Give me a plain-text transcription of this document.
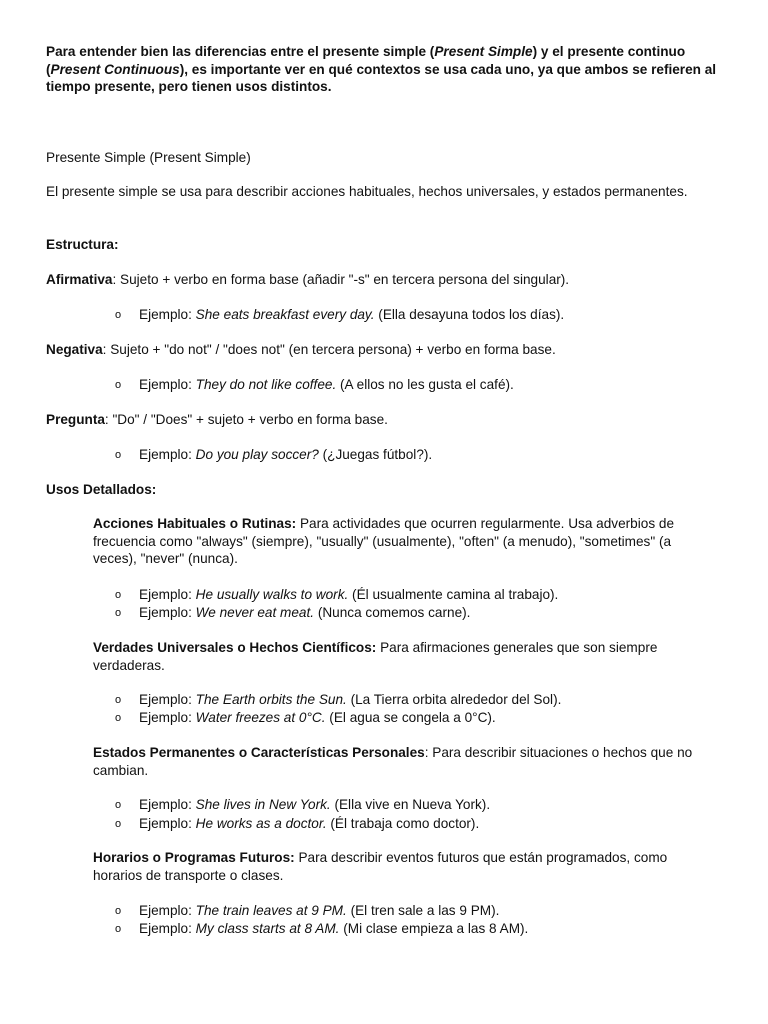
Para entender bien las diferencias entre el presente simple (Present Simple) y el presente continuo (Present Continuous), es importante ver en qué contextos se usa cada uno, ya que ambos se refieren al tiempo presente, pero tienen usos distintos.

Presente Simple (Present Simple)

El presente simple se usa para describir acciones habituales, hechos universales, y estados permanentes.

Estructura:

Afirmativa: Sujeto + verbo en forma base (añadir "-s" en tercera persona del singular).

o Ejemplo: She eats breakfast every day. (Ella desayuna todos los días).

Negativa: Sujeto + "do not" / "does not" (en tercera persona) + verbo en forma base.

o Ejemplo: They do not like coffee. (A ellos no les gusta el café).

Pregunta: "Do" / "Does" + sujeto + verbo en forma base.

o Ejemplo: Do you play soccer? (¿Juegas fútbol?).

Usos Detallados:

Acciones Habituales o Rutinas: Para actividades que ocurren regularmente. Usa adverbios de frecuencia como "always" (siempre), "usually" (usualmente), "often" (a menudo), "sometimes" (a veces), "never" (nunca).

o Ejemplo: He usually walks to work. (Él usualmente camina al trabajo).
o Ejemplo: We never eat meat. (Nunca comemos carne).

Verdades Universales o Hechos Científicos: Para afirmaciones generales que son siempre verdaderas.

o Ejemplo: The Earth orbits the Sun. (La Tierra orbita alrededor del Sol).
o Ejemplo: Water freezes at 0°C. (El agua se congela a 0°C).

Estados Permanentes o Características Personales: Para describir situaciones o hechos que no cambian.

o Ejemplo: She lives in New York. (Ella vive en Nueva York).
o Ejemplo: He works as a doctor. (Él trabaja como doctor).

Horarios o Programas Futuros: Para describir eventos futuros que están programados, como horarios de transporte o clases.

o Ejemplo: The train leaves at 9 PM. (El tren sale a las 9 PM).
o Ejemplo: My class starts at 8 AM. (Mi clase empieza a las 8 AM).
